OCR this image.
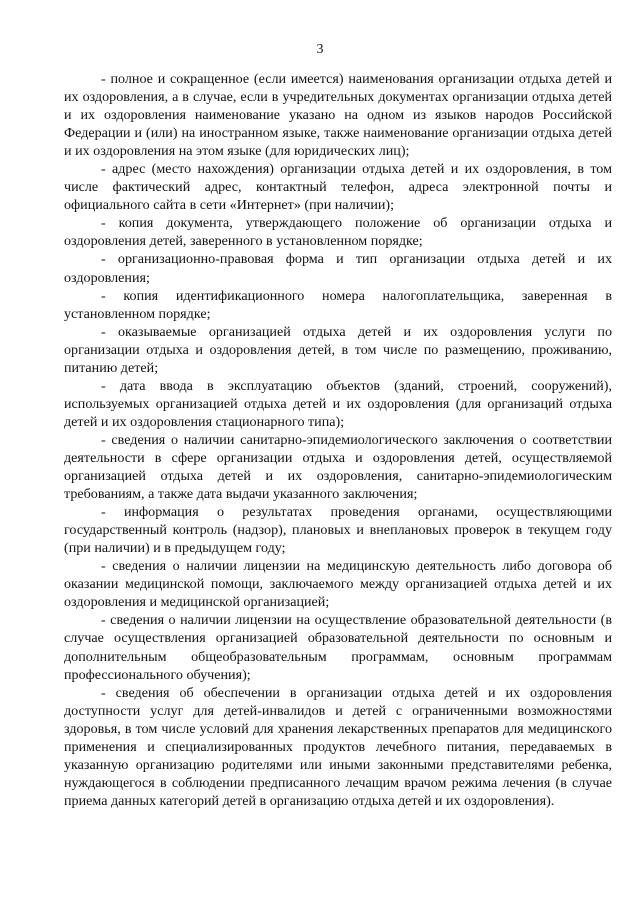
3

- полное и сокращенное (если имеется) наименования организации отдыха детей и их оздоровления, а в случае, если в учредительных документах организации отдыха детей и их оздоровления наименование указано на одном из языков народов Российской Федерации и (или) на иностранном языке, также наименование организации отдыха детей и их оздоровления на этом языке (для юридических лиц);

- адрес (место нахождения) организации отдыха детей и их оздоровления, в том числе фактический адрес, контактный телефон, адреса электронной почты и официального сайта в сети «Интернет» (при наличии);

- копия документа, утверждающего положение об организации отдыха и оздоровления детей, заверенного в установленном порядке;

- организационно-правовая форма и тип организации отдыха детей и их оздоровления;

- копия идентификационного номера налогоплательщика, заверенная в установленном порядке;

- оказываемые организацией отдыха детей и их оздоровления услуги по организации отдыха и оздоровления детей, в том числе по размещению, проживанию, питанию детей;

- дата ввода в эксплуатацию объектов (зданий, строений, сооружений), используемых организацией отдыха детей и их оздоровления (для организаций отдыха детей и их оздоровления стационарного типа);

- сведения о наличии санитарно-эпидемиологического заключения о соответствии деятельности в сфере организации отдыха и оздоровления детей, осуществляемой организацией отдыха детей и их оздоровления, санитарно-эпидемиологическим требованиям, а также дата выдачи указанного заключения;

- информация о результатах проведения органами, осуществляющими государственный контроль (надзор), плановых и внеплановых проверок в текущем году (при наличии) и в предыдущем году;

- сведения о наличии лицензии на медицинскую деятельность либо договора об оказании медицинской помощи, заключаемого между организацией отдыха детей и их оздоровления и медицинской организацией;

- сведения о наличии лицензии на осуществление образовательной деятельности (в случае осуществления организацией образовательной деятельности по основным и дополнительным общеобразовательным программам, основным программам профессионального обучения);

- сведения об обеспечении в организации отдыха детей и их оздоровления доступности услуг для детей-инвалидов и детей с ограниченными возможностями здоровья, в том числе условий для хранения лекарственных препаратов для медицинского применения и специализированных продуктов лечебного питания, передаваемых в указанную организацию родителями или иными законными представителями ребенка, нуждающегося в соблюдении предписанного лечащим врачом режима лечения (в случае приема данных категорий детей в организацию отдыха детей и их оздоровления).
